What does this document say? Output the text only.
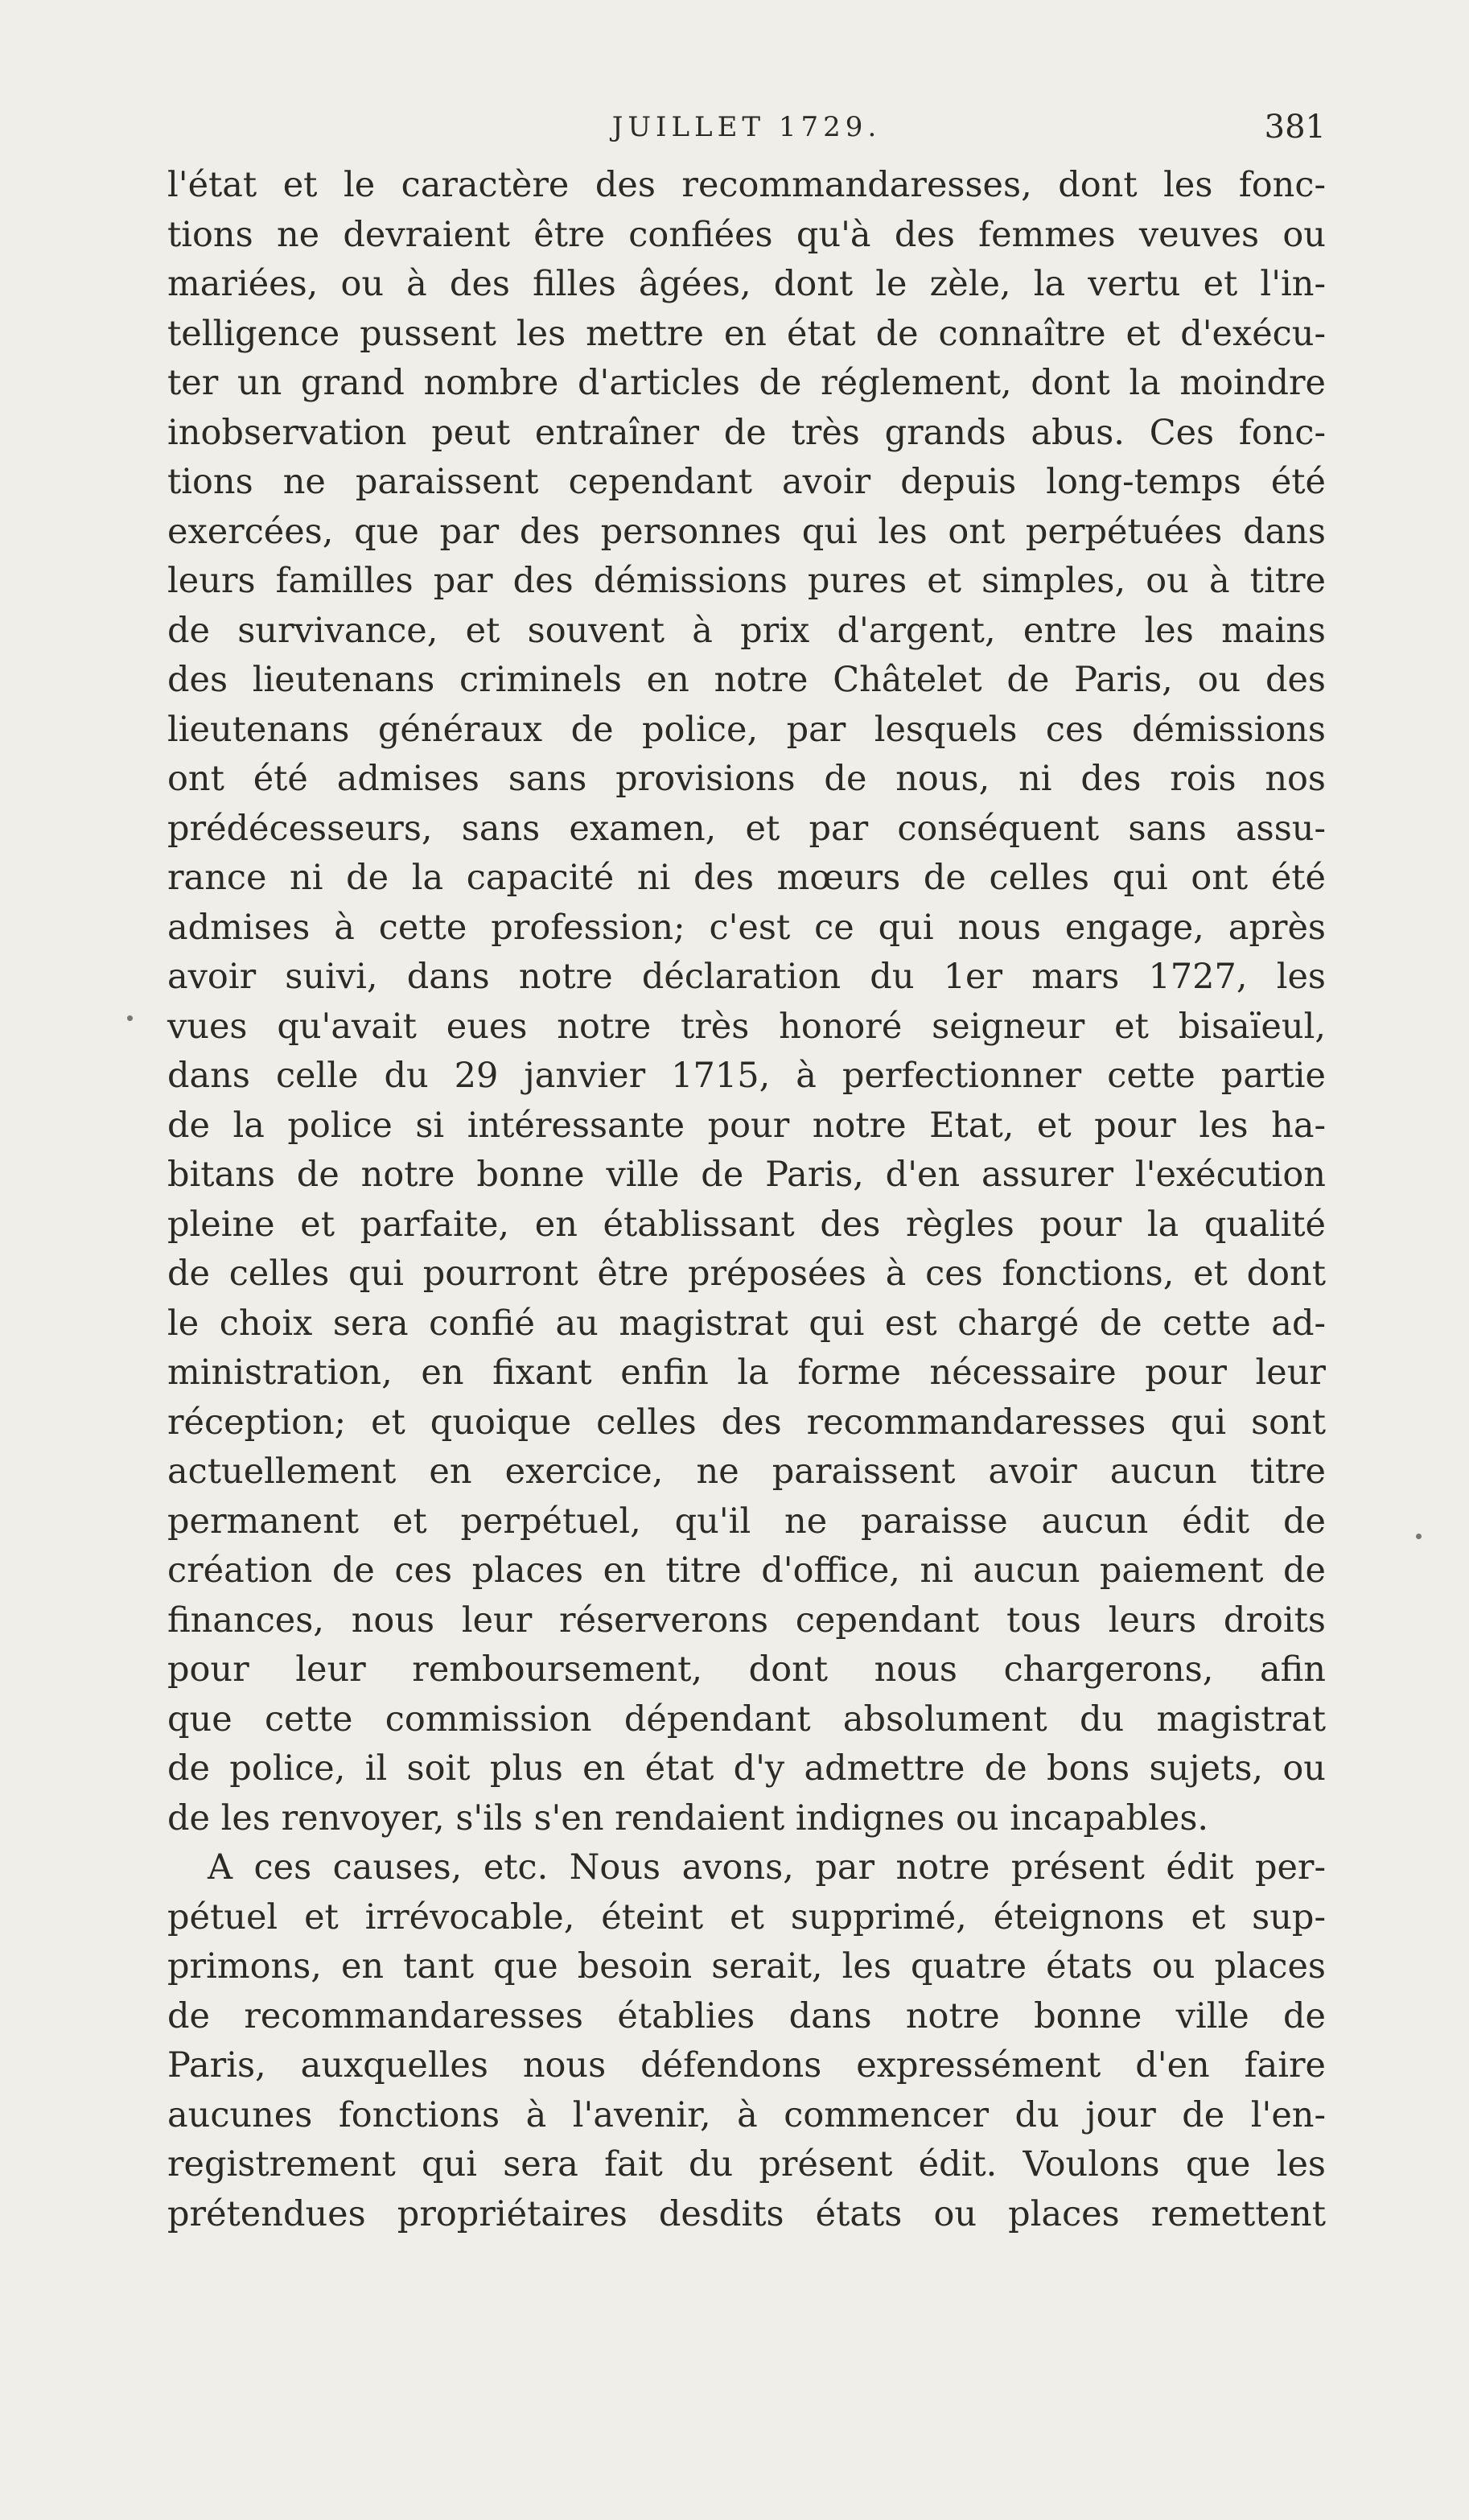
JUILLET 1729.	381
l'état et le caractère des recommandaresses, dont les fonc-
tions ne devraient être confiées qu'à des femmes veuves ou
mariées, ou à des filles âgées, dont le zèle, la vertu et l'in-
telligence pussent les mettre en état de connaître et d'exécu-
ter un grand nombre d'articles de réglement, dont la moindre
inobservation peut entraîner de très grands abus. Ces fonc-
tions ne paraissent cependant avoir depuis long-temps été
exercées, que par des personnes qui les ont perpétuées dans
leurs familles par des démissions pures et simples, ou à titre
de survivance, et souvent à prix d'argent, entre les mains
des lieutenans criminels en notre Châtelet de Paris, ou des
lieutenans généraux de police, par lesquels ces démissions
ont été admises sans provisions de nous, ni des rois nos
prédécesseurs, sans examen, et par conséquent sans assu-
rance ni de la capacité ni des mœurs de celles qui ont été
admises à cette profession; c'est ce qui nous engage, après
avoir suivi, dans notre déclaration du 1er mars 1727, les
vues qu'avait eues notre très honoré seigneur et bisaïeul,
dans celle du 29 janvier 1715, à perfectionner cette partie
de la police si intéressante pour notre Etat, et pour les ha-
bitans de notre bonne ville de Paris, d'en assurer l'exécution
pleine et parfaite, en établissant des règles pour la qualité
de celles qui pourront être préposées à ces fonctions, et dont
le choix sera confié au magistrat qui est chargé de cette ad-
ministration, en fixant enfin la forme nécessaire pour leur
réception; et quoique celles des recommandaresses qui sont
actuellement en exercice, ne paraissent avoir aucun titre
permanent et perpétuel, qu'il ne paraisse aucun édit de
création de ces places en titre d'office, ni aucun paiement de
finances, nous leur réserverons cependant tous leurs droits
pour leur remboursement, dont nous chargerons, afin
que cette commission dépendant absolument du magistrat
de police, il soit plus en état d'y admettre de bons sujets, ou
de les renvoyer, s'ils s'en rendaient indignes ou incapables.
A ces causes, etc. Nous avons, par notre présent édit per-
pétuel et irrévocable, éteint et supprimé, éteignons et sup-
primons, en tant que besoin serait, les quatre états ou places
de recommandaresses établies dans notre bonne ville de
Paris, auxquelles nous défendons expressément d'en faire
aucunes fonctions à l'avenir, à commencer du jour de l'en-
registrement qui sera fait du présent édit. Voulons que les
prétendues propriétaires desdits états ou places remettent
